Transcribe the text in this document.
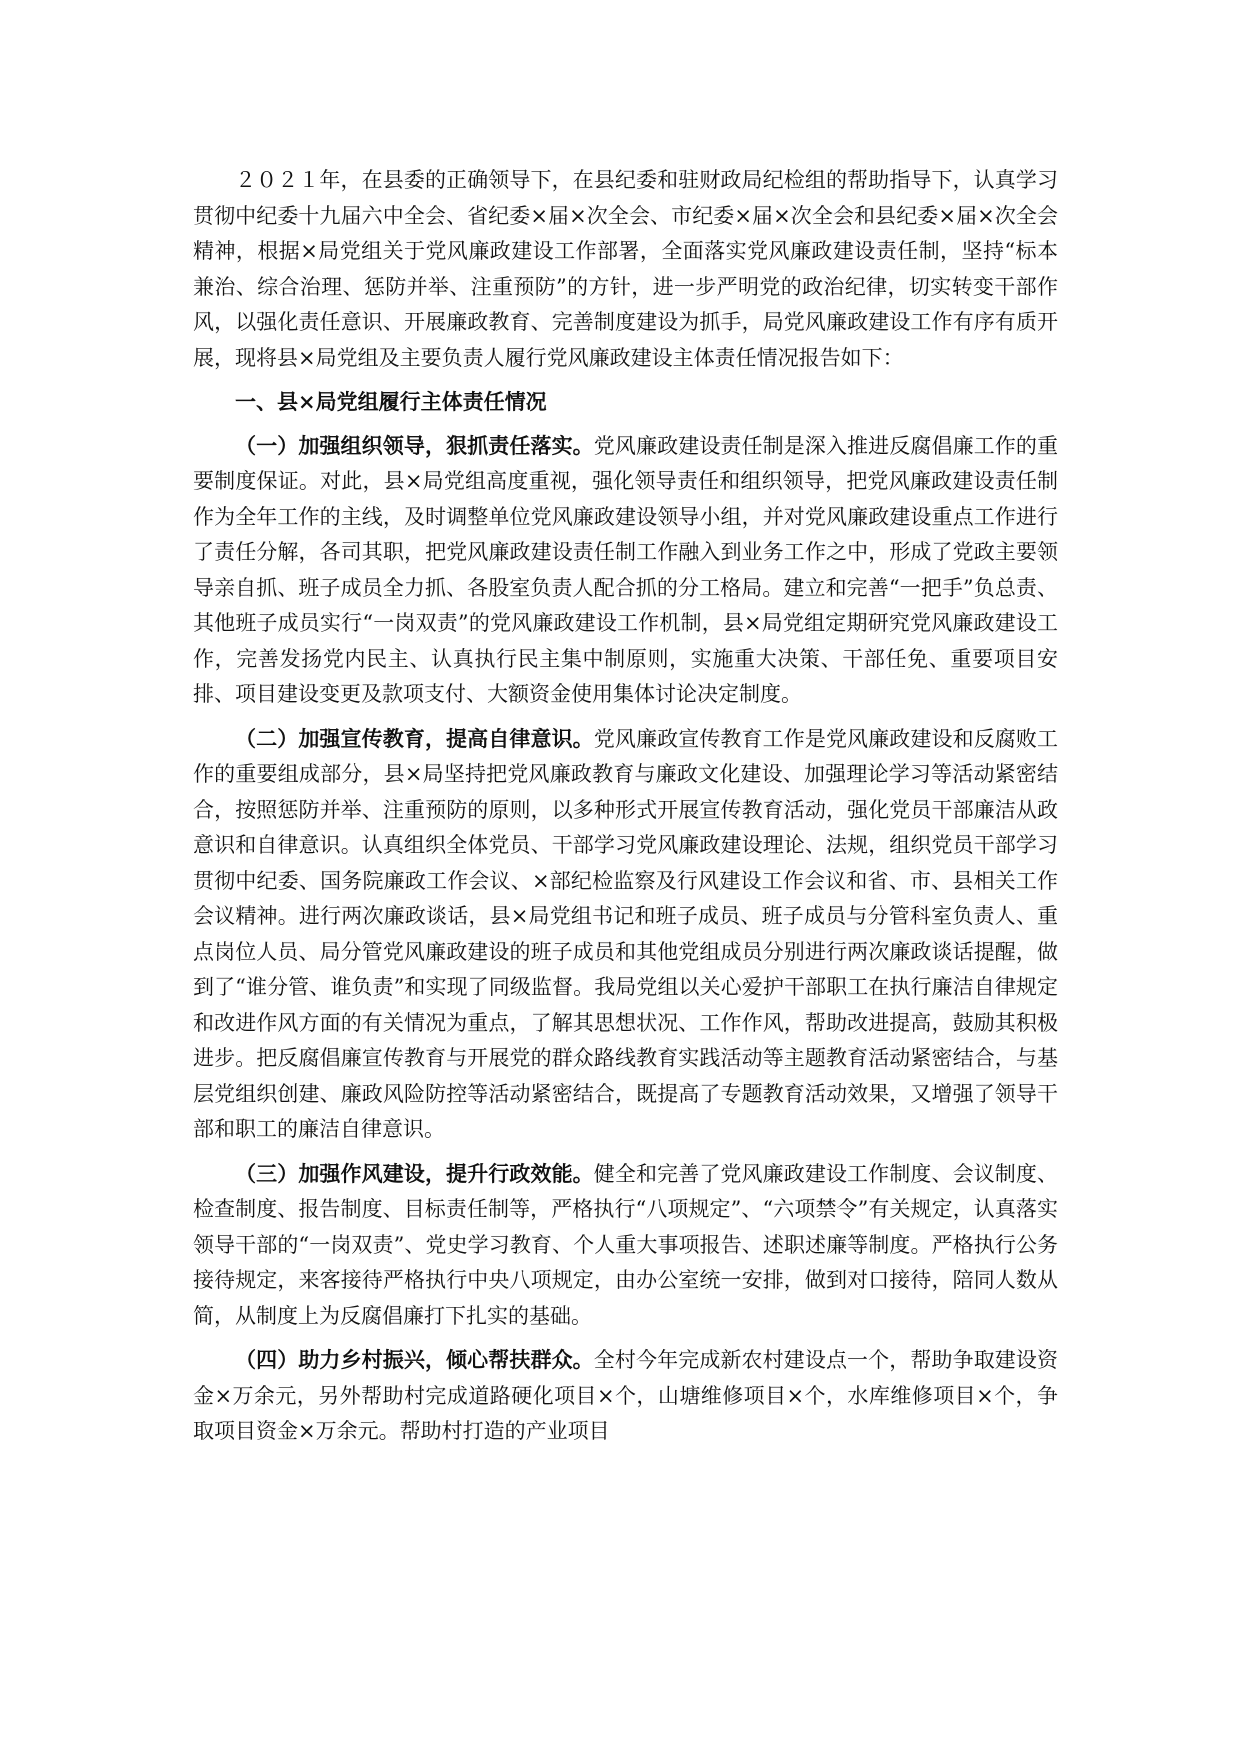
２０２１年，在县委的正确领导下，在县纪委和驻财政局纪检组的帮助指导下，认真学习贯彻中纪委十九届六中全会、省纪委×届×次全会、市纪委×届×次全会和县纪委×届×次全会精神，根据×局党组关于党风廉政建设工作部署，全面落实党风廉政建设责任制，坚持“标本兼治、综合治理、惩防并举、注重预防”的方针，进一步严明党的政治纪律，切实转变干部作风，以强化责任意识、开展廉政教育、完善制度建设为抓手，局党风廉政建设工作有序有质开展，现将县×局党组及主要负责人履行党风廉政建设主体责任情况报告如下：

一、县×局党组履行主体责任情况

（一）加强组织领导，狠抓责任落实。党风廉政建设责任制是深入推进反腐倡廉工作的重要制度保证。对此，县×局党组高度重视，强化领导责任和组织领导，把党风廉政建设责任制作为全年工作的主线，及时调整单位党风廉政建设领导小组，并对党风廉政建设重点工作进行了责任分解，各司其职，把党风廉政建设责任制工作融入到业务工作之中，形成了党政主要领导亲自抓、班子成员全力抓、各股室负责人配合抓的分工格局。建立和完善“一把手”负总责、其他班子成员实行“一岗双责”的党风廉政建设工作机制，县×局党组定期研究党风廉政建设工作，完善发扬党内民主、认真执行民主集中制原则，实施重大决策、干部任免、重要项目安排、项目建设变更及款项支付、大额资金使用集体讨论决定制度。

（二）加强宣传教育，提高自律意识。党风廉政宣传教育工作是党风廉政建设和反腐败工作的重要组成部分，县×局坚持把党风廉政教育与廉政文化建设、加强理论学习等活动紧密结合，按照惩防并举、注重预防的原则，以多种形式开展宣传教育活动，强化党员干部廉洁从政意识和自律意识。认真组织全体党员、干部学习党风廉政建设理论、法规，组织党员干部学习贯彻中纪委、国务院廉政工作会议、×部纪检监察及行风建设工作会议和省、市、县相关工作会议精神。进行两次廉政谈话，县×局党组书记和班子成员、班子成员与分管科室负责人、重点岗位人员、局分管党风廉政建设的班子成员和其他党组成员分别进行两次廉政谈话提醒，做到了“谁分管、谁负责”和实现了同级监督。我局党组以关心爱护干部职工在执行廉洁自律规定和改进作风方面的有关情况为重点，了解其思想状况、工作作风，帮助改进提高，鼓励其积极进步。把反腐倡廉宣传教育与开展党的群众路线教育实践活动等主题教育活动紧密结合，与基层党组织创建、廉政风险防控等活动紧密结合，既提高了专题教育活动效果，又增强了领导干部和职工的廉洁自律意识。

（三）加强作风建设，提升行政效能。健全和完善了党风廉政建设工作制度、会议制度、检查制度、报告制度、目标责任制等，严格执行“八项规定”、“六项禁令”有关规定，认真落实领导干部的“一岗双责”、党史学习教育、个人重大事项报告、述职述廉等制度。严格执行公务接待规定，来客接待严格执行中央八项规定，由办公室统一安排，做到对口接待，陪同人数从简，从制度上为反腐倡廉打下扎实的基础。

（四）助力乡村振兴，倾心帮扶群众。全村今年完成新农村建设点一个，帮助争取建设资金×万余元，另外帮助村完成道路硬化项目×个，山塘维修项目×个，水库维修项目×个，争取项目资金×万余元。帮助村打造的产业项目
